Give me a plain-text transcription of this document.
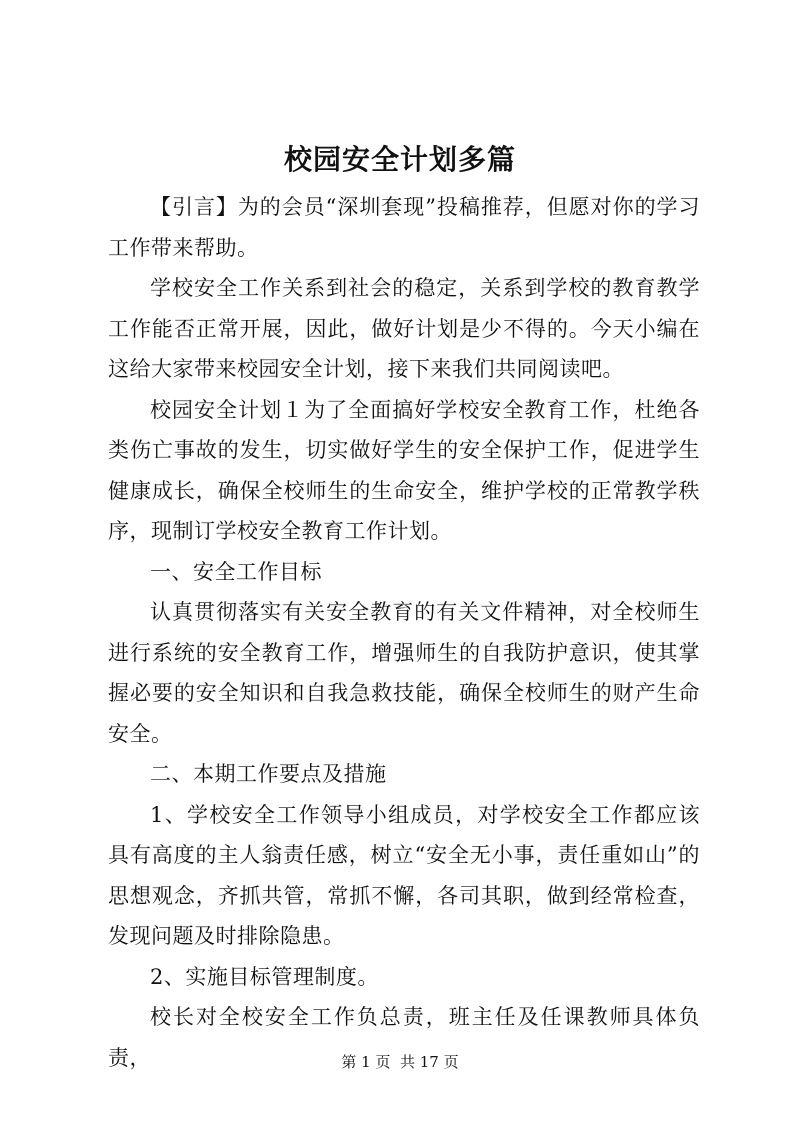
校园安全计划多篇

【引言】为的会员“深圳套现”投稿推荐，但愿对你的学习工作带来帮助。

学校安全工作关系到社会的稳定，关系到学校的教育教学工作能否正常开展，因此，做好计划是少不得的。今天小编在这给大家带来校园安全计划，接下来我们共同阅读吧。

校园安全计划１为了全面搞好学校安全教育工作，杜绝各类伤亡事故的发生，切实做好学生的安全保护工作，促进学生健康成长，确保全校师生的生命安全，维护学校的正常教学秩序，现制订学校安全教育工作计划。

一、安全工作目标

认真贯彻落实有关安全教育的有关文件精神，对全校师生进行系统的安全教育工作，增强师生的自我防护意识，使其掌握必要的安全知识和自我急救技能，确保全校师生的财产生命安全。

二、本期工作要点及措施

1、学校安全工作领导小组成员，对学校安全工作都应该具有高度的主人翁责任感，树立“安全无小事，责任重如山”的思想观念，齐抓共管，常抓不懈，各司其职，做到经常检查，发现问题及时排除隐患。

2、实施目标管理制度。

校长对全校安全工作负总责，班主任及任课教师具体负责，	第 1 页  共 17 页
